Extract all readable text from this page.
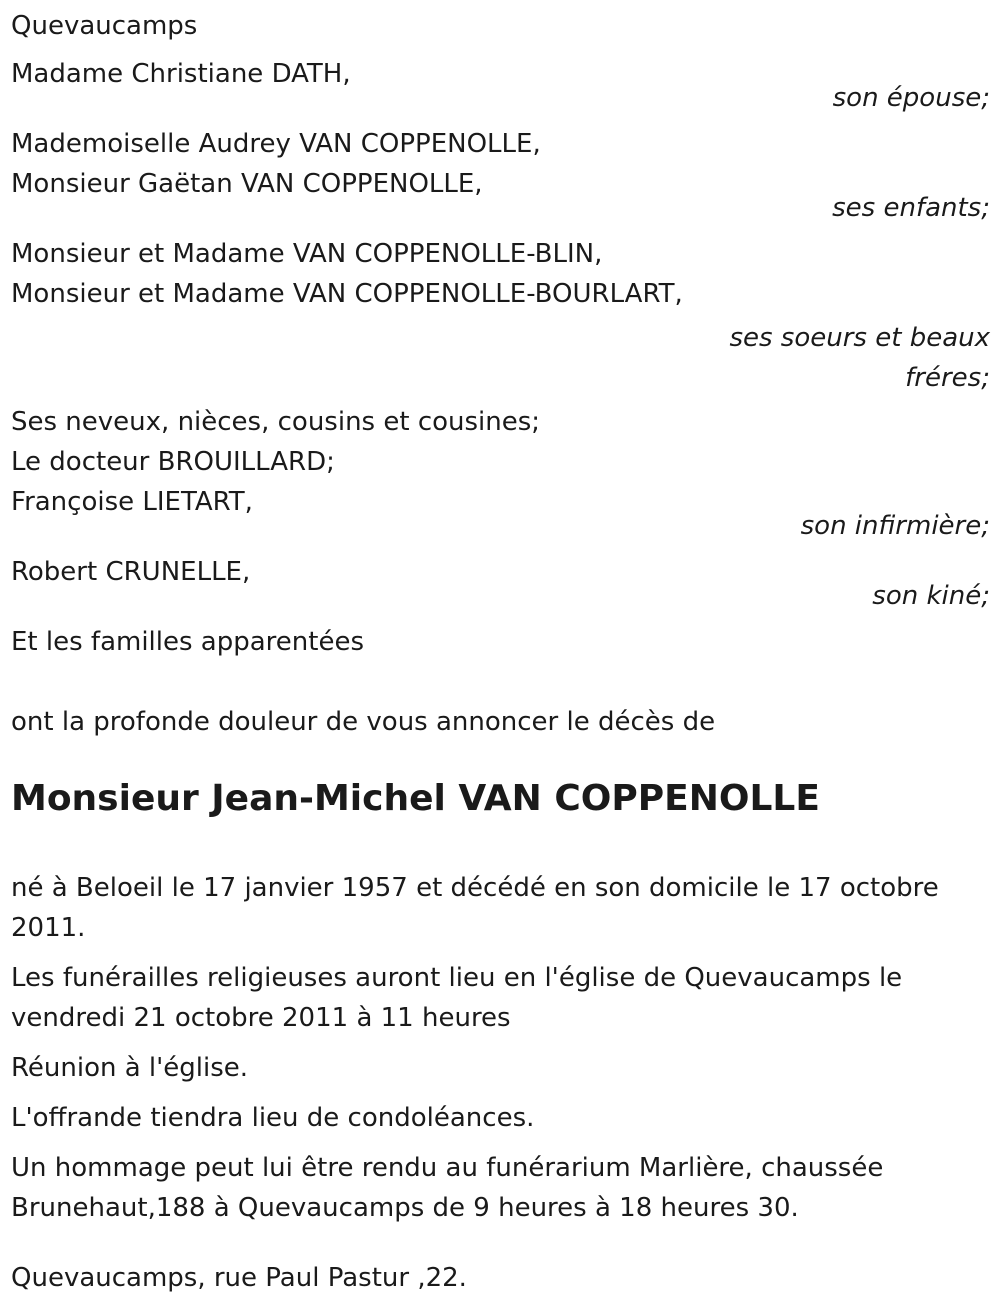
Quevaucamps
Madame Christiane DATH,
son épouse;
Mademoiselle Audrey VAN COPPENOLLE,
Monsieur Gaëtan VAN COPPENOLLE,
ses enfants;
Monsieur et Madame VAN COPPENOLLE-BLIN,
Monsieur et Madame VAN COPPENOLLE-BOURLART,
ses soeurs et beaux
fréres;
Ses neveux, nièces, cousins et cousines;
Le docteur BROUILLARD;
Françoise LIETART,
son infirmière;
Robert CRUNELLE,
son kiné;
Et les familles apparentées
ont la profonde douleur de vous annoncer le décès de
Monsieur Jean-Michel VAN COPPENOLLE

né à Beloeil le 17 janvier 1957 et décédé en son domicile le 17 octobre 2011.

Les funérailles religieuses auront lieu en l'église de Quevaucamps le vendredi 21 octobre 2011 à 11 heures

Réunion à l'église.

L'offrande tiendra lieu de condoléances.

Un hommage peut lui être rendu au funérarium Marlière, chaussée Brunehaut,188 à Quevaucamps de 9 heures à 18 heures 30.

Quevaucamps, rue Paul Pastur ,22.
